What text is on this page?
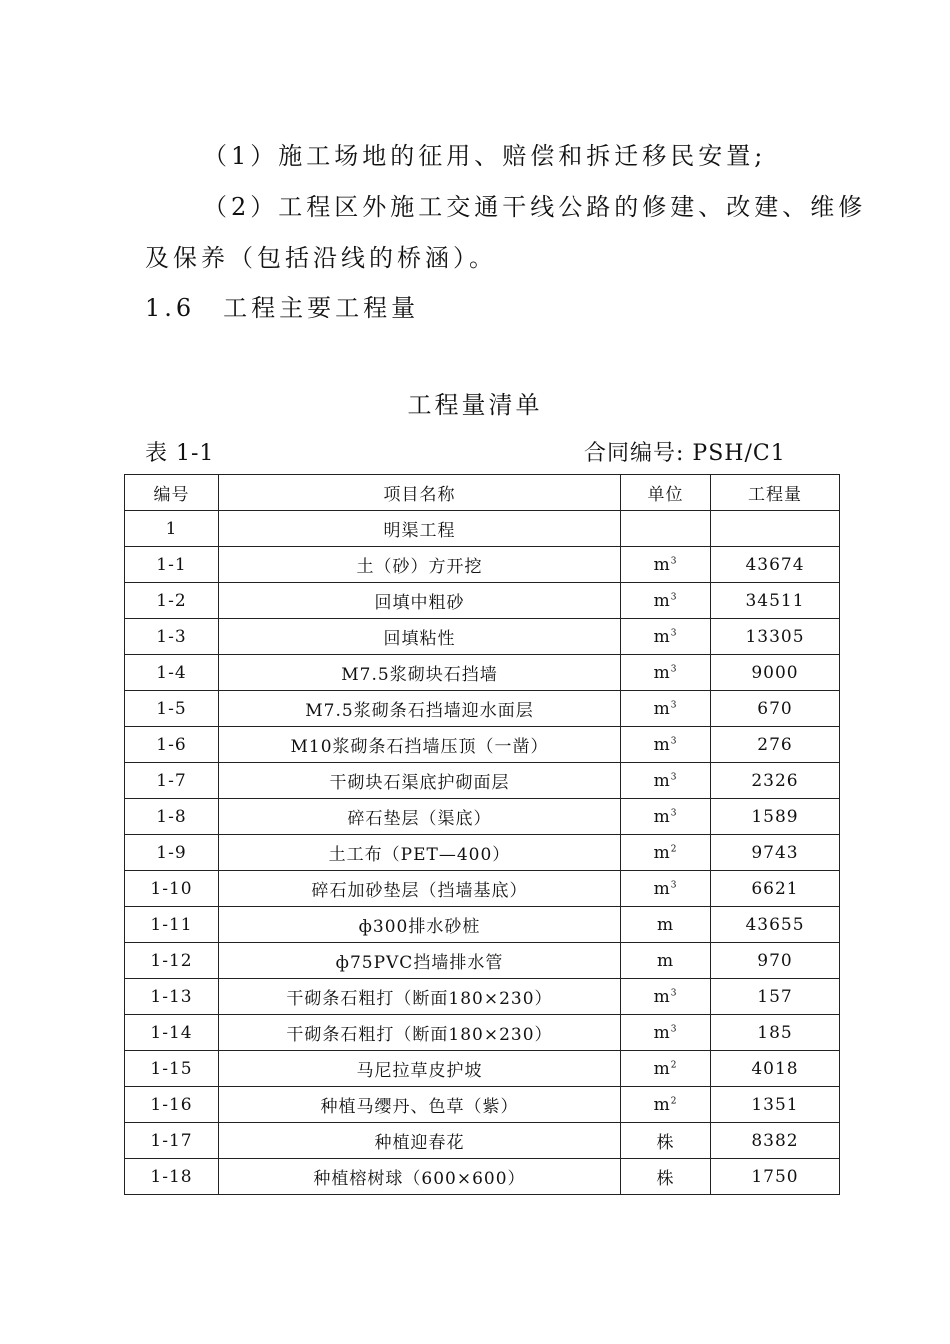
（1）施工场地的征用、赔偿和拆迁移民安置;

（2）工程区外施工交通干线公路的修建、改建、维修

及保养（包括沿线的桥涵）。

1.6　工程主要工程量

工程量清单

表 1-1	合同编号: PSH/C1
编号	项目名称	单位	工程量
1	明渠工程		
1-1	土（砂）方开挖	$m^3$	43674
1-2	回填中粗砂	$m^3$	34511
1-3	回填粘性	$m^3$	13305
1-4	M7.5浆砌块石挡墙	$m^3$	9000
1-5	M7.5浆砌条石挡墙迎水面层	$m^3$	670
1-6	M10浆砌条石挡墙压顶（一凿）	$m^3$	276
1-7	干砌块石渠底护砌面层	$m^3$	2326
1-8	碎石垫层（渠底）	$m^3$	1589
1-9	土工布（PET—400）	$m^2$	9743
1-10	碎石加砂垫层（挡墙基底）	$m^3$	6621
1-11	ф300排水砂桩	m	43655
1-12	ф75PVC挡墙排水管	m	970
1-13	干砌条石粗打（断面180×230）	$m^3$	157
1-14	干砌条石粗打（断面180×230）	$m^3$	185
1-15	马尼拉草皮护坡	$m^2$	4018
1-16	种植马缨丹、色草（紫）	$m^2$	1351
1-17	种植迎春花	株	8382
1-18	种植榕树球（600×600）	株	1750
